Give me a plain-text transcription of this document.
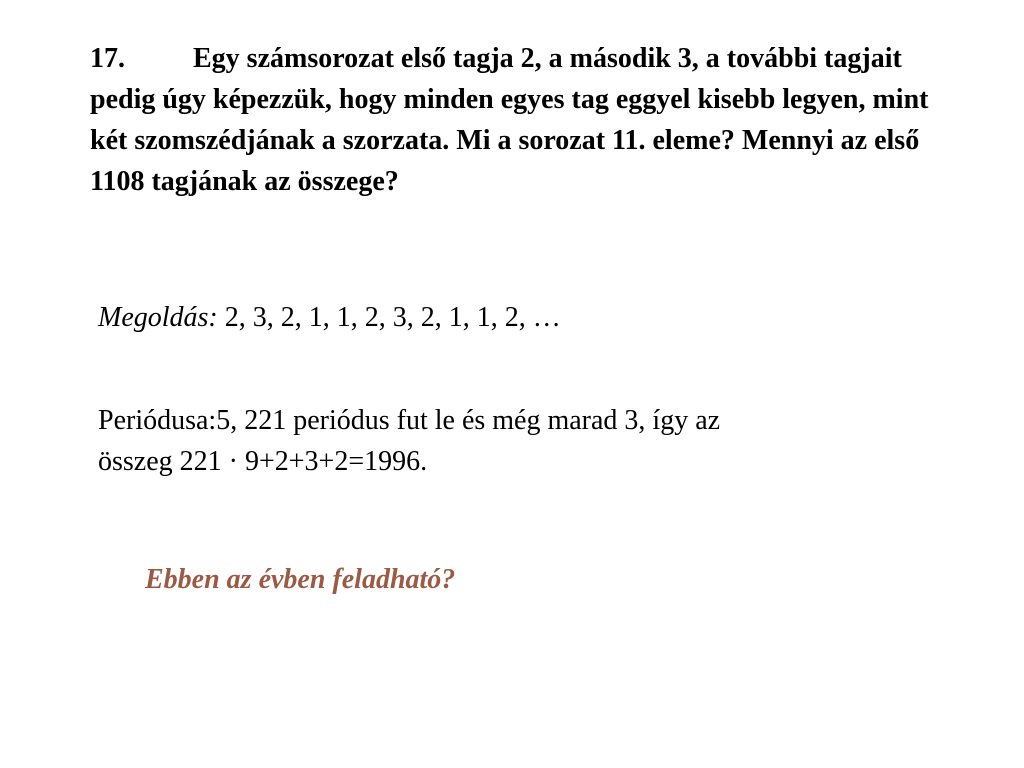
17. Egy számsorozat első tagja 2, a második 3, a további tagjait pedig úgy képezzük, hogy minden egyes tag eggyel kisebb legyen, mint két szomszédjának a szorzata. Mi a sorozat 11. eleme? Mennyi az első 1108 tagjának az összege?
Megoldás: 2, 3, 2, 1, 1, 2, 3, 2, 1, 1, 2, …
Periódusa:5, 221 periódus fut le és még marad 3, így az
összeg 221 · 9+2+3+2=1996.
Ebben az évben feladható?
